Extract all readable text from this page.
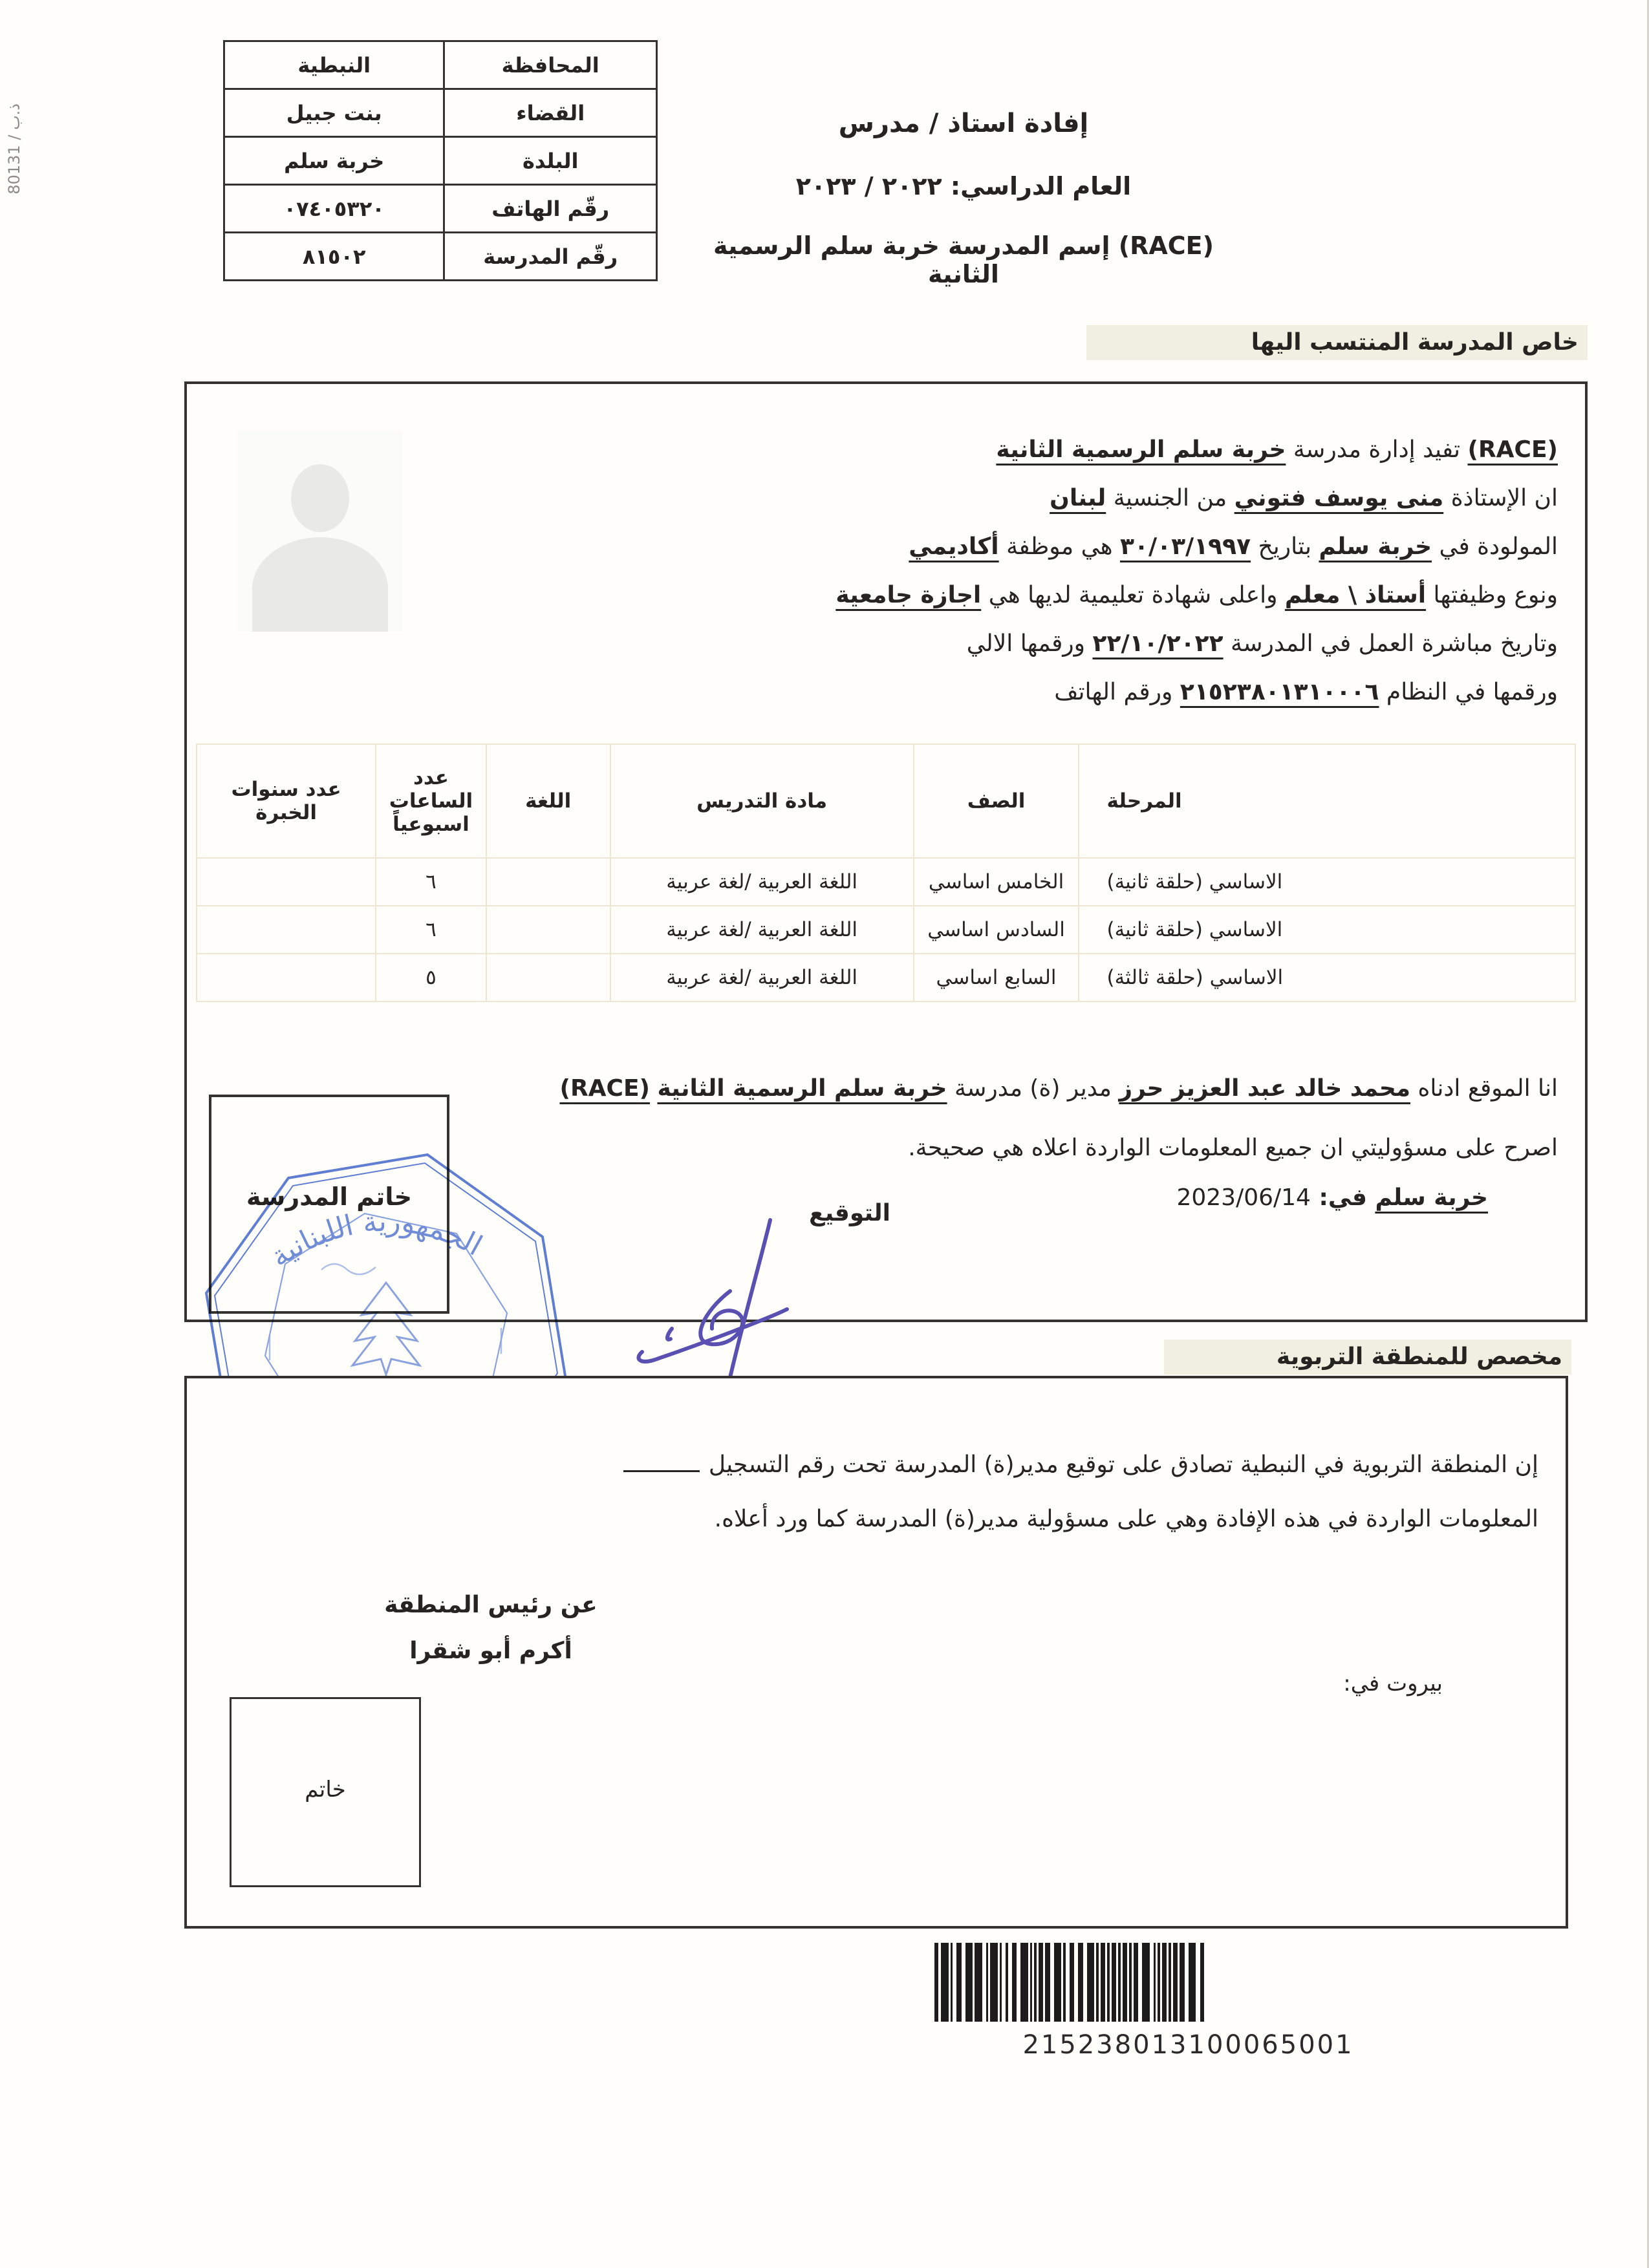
80131 / ذ.ب
المحافظة	النبطية
القضاء	بنت جبيل
البلدة	خربة سلم
رقّم الهاتف	٠٧٤٠٥٣٢٠
رقّم المدرسة	٨١٥٠٢
إفادة استاذ / مدرس
العام الدراسي: ٢٠٢٢ / ٢٠٢٣
(RACE) إسم المدرسة خربة سلم الرسمية الثانية
خاص المدرسة المنتسب اليها
(RACE) تفيد إدارة مدرسة خربة سلم الرسمية الثانية
ان الإستاذة منى يوسف فتوني من الجنسية لبنان
المولودة في خربة سلم بتاريخ ٣٠/٠٣/١٩٩٧ هي موظفة أكاديمي
ونوع وظيفتها أستاذ \ معلم واعلى شهادة تعليمية لديها هي اجازة جامعية
وتاريخ مباشرة العمل في المدرسة ٢٢/١٠/٢٠٢٢ ورقمها الالي
ورقمها في النظام ٢١٥٢٣٨٠١٣١٠٠٠٦ ورقم الهاتف
المرحلة	الصف	مادة التدريس	اللغة	عدد الساعات اسبوعياً	عدد سنوات الخبرة
الاساسي (حلقة ثانية)	الخامس اساسي	اللغة العربية /لغة عربية		٦	
الاساسي (حلقة ثانية)	السادس اساسي	اللغة العربية /لغة عربية		٦	
الاساسي (حلقة ثالثة)	السابع اساسي	اللغة العربية /لغة عربية		٥	
انا الموقع ادناه محمد خالد عبد العزيز حرز مدير (ة) مدرسة خربة سلم الرسمية الثانية (RACE)
اصرح على مسؤوليتي ان جميع المعلومات الواردة اعلاه هي صحيحة.
خربة سلم في: 2023/06/14
التوقيع
خاتم المدرسة
الجمهورية اللبنانية
مخصص للمنطقة التربوية
إن المنطقة التربوية في النبطية تصادق على توقيع مدير(ة) المدرسة تحت رقم التسجيل
المعلومات الواردة في هذه الإفادة وهي على مسؤولية مدير(ة) المدرسة كما ورد أعلاه.
عن رئيس المنطقة
أكرم أبو شقرا
خاتم
بيروت في:
215238013100065001
